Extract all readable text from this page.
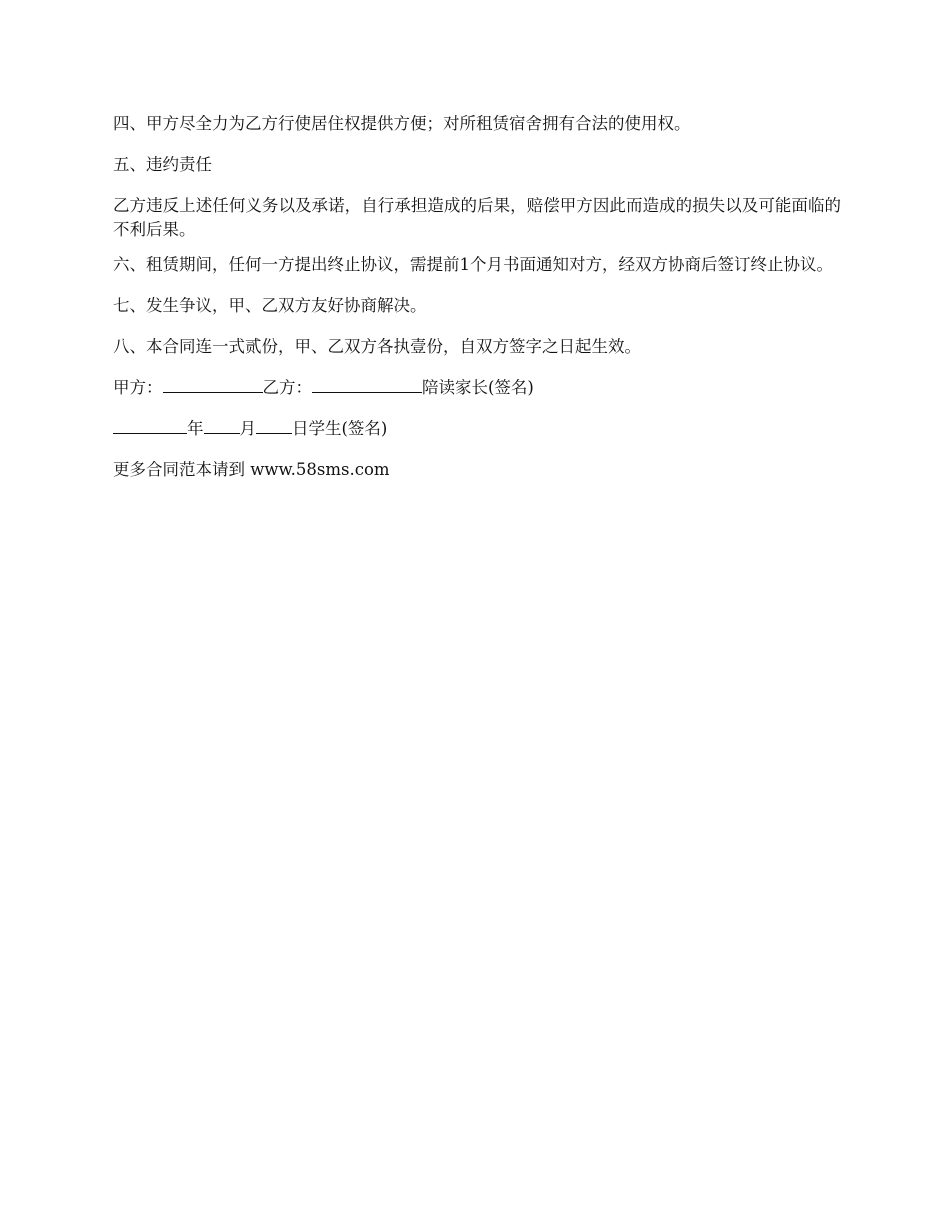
四、甲方尽全力为乙方行使居住权提供方便；对所租赁宿舍拥有合法的使用权。

五、违约责任

乙方违反上述任何义务以及承诺，自行承担造成的后果，赔偿甲方因此而造成的损失以及可能面临的不利后果。

六、租赁期间，任何一方提出终止协议，需提前1个月书面通知对方，经双方协商后签订终止协议。

七、发生争议，甲、乙双方友好协商解决。

八、本合同连一式贰份，甲、乙双方各执壹份，自双方签字之日起生效。

甲方：	乙方：	陪读家长(签名)

年 月 日学生(签名)

更多合同范本请到 www.58sms.com
